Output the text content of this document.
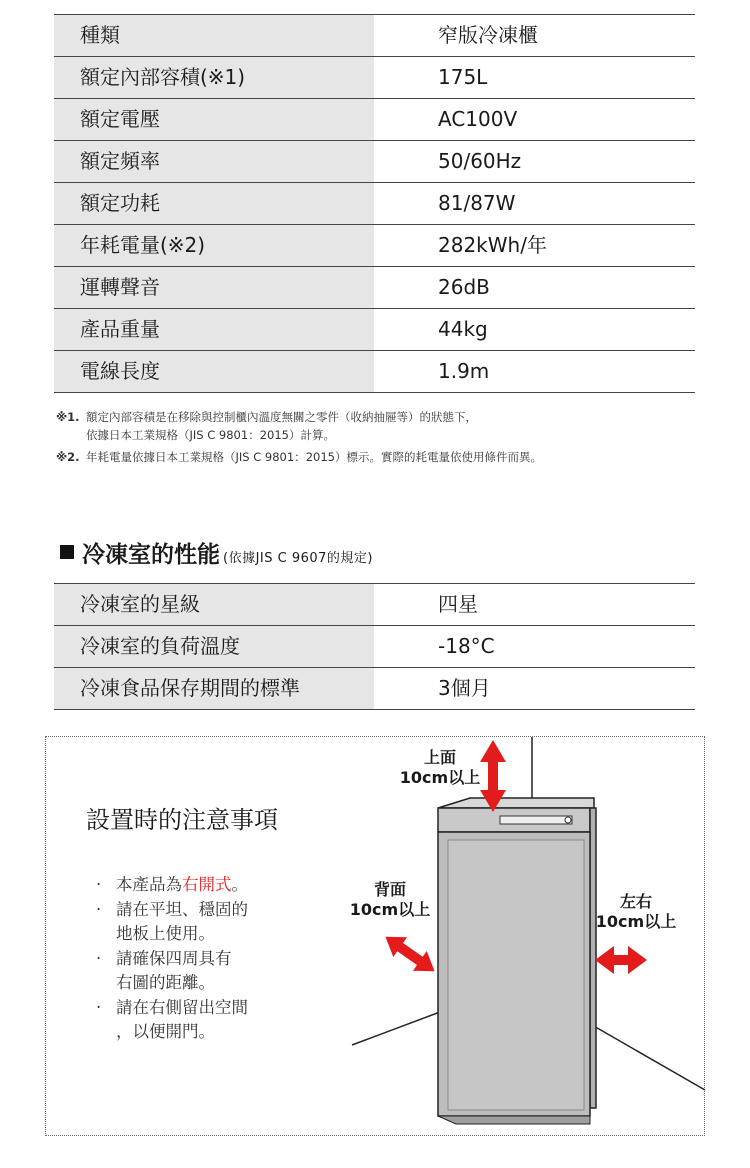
種類	窄版冷凍櫃
額定內部容積(※1)	175L
額定電壓	AC100V
額定頻率	50/60Hz
額定功耗	81/87W
年耗電量(※2)	282kWh/年
運轉聲音	26dB
產品重量	44kg
電線長度	1.9m
※1. 額定內部容積是在移除與控制櫃內溫度無關之零件（收納抽屜等）的狀態下，
依據日本工業規格（JIS C 9801：2015）計算。
※2. 年耗電量依據日本工業規格（JIS C 9801：2015）標示。實際的耗電量依使用條件而異。
冷凍室的性能 (依據JIS C 9607的規定)
冷凍室的星級	四星
冷凍室的負荷溫度	-18°C
冷凍食品保存期間的標準	3個月
設置時的注意事項
· 本產品為右開式。
· 請在平坦、穩固的
地板上使用。
· 請確保四周具有
右圖的距離。
· 請在右側留出空間
，以便開門。
上面
10cm以上
背面
10cm以上	左右
10cm以上
